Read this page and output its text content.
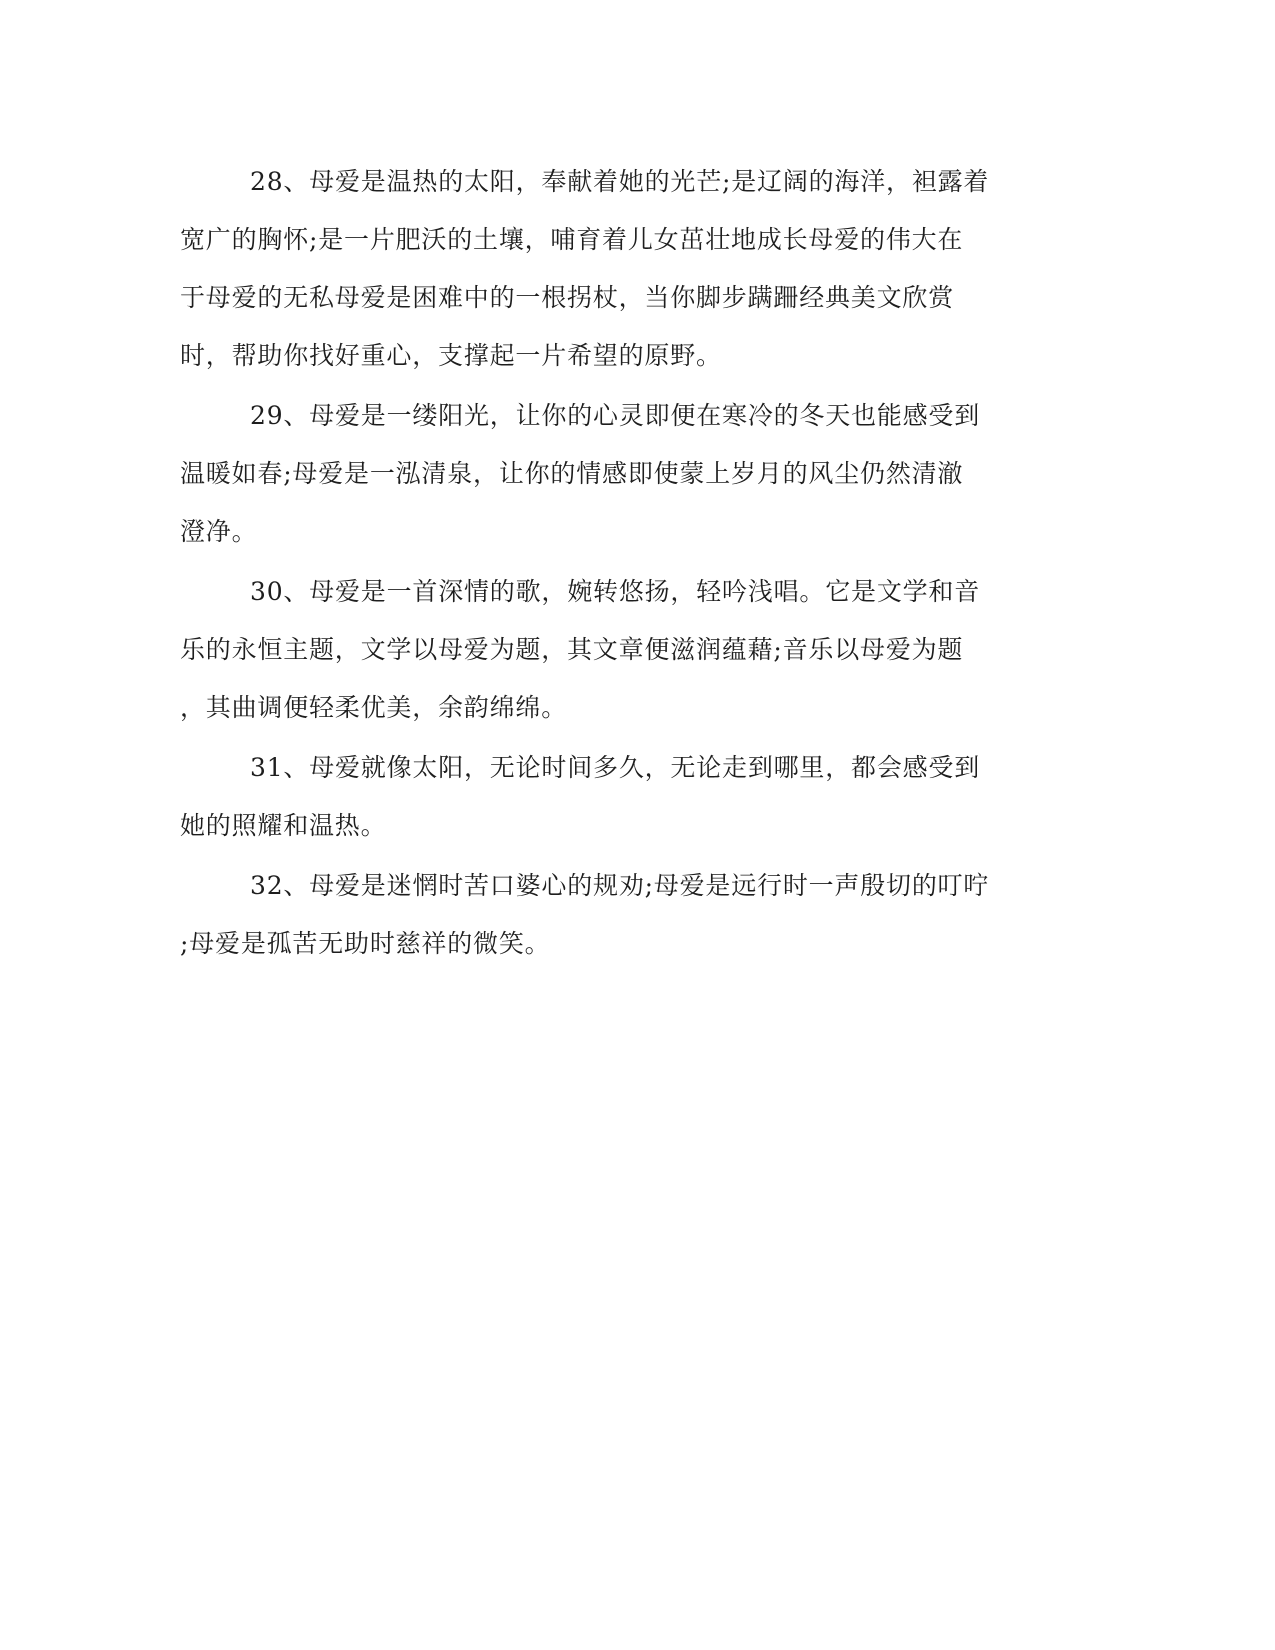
28、母爱是温热的太阳，奉献着她的光芒;是辽阔的海洋，袒露着
宽广的胸怀;是一片肥沃的土壤，哺育着儿女茁壮地成长母爱的伟大在
于母爱的无私母爱是困难中的一根拐杖，当你脚步蹒跚经典美文欣赏
时，帮助你找好重心，支撑起一片希望的原野。
29、母爱是一缕阳光，让你的心灵即便在寒冷的冬天也能感受到
温暖如春;母爱是一泓清泉，让你的情感即使蒙上岁月的风尘仍然清澈
澄净。
30、母爱是一首深情的歌，婉转悠扬，轻吟浅唱。它是文学和音
乐的永恒主题，文学以母爱为题，其文章便滋润蕴藉;音乐以母爱为题
，其曲调便轻柔优美，余韵绵绵。
31、母爱就像太阳，无论时间多久，无论走到哪里，都会感受到
她的照耀和温热。
32、母爱是迷惘时苦口婆心的规劝;母爱是远行时一声殷切的叮咛
;母爱是孤苦无助时慈祥的微笑。
